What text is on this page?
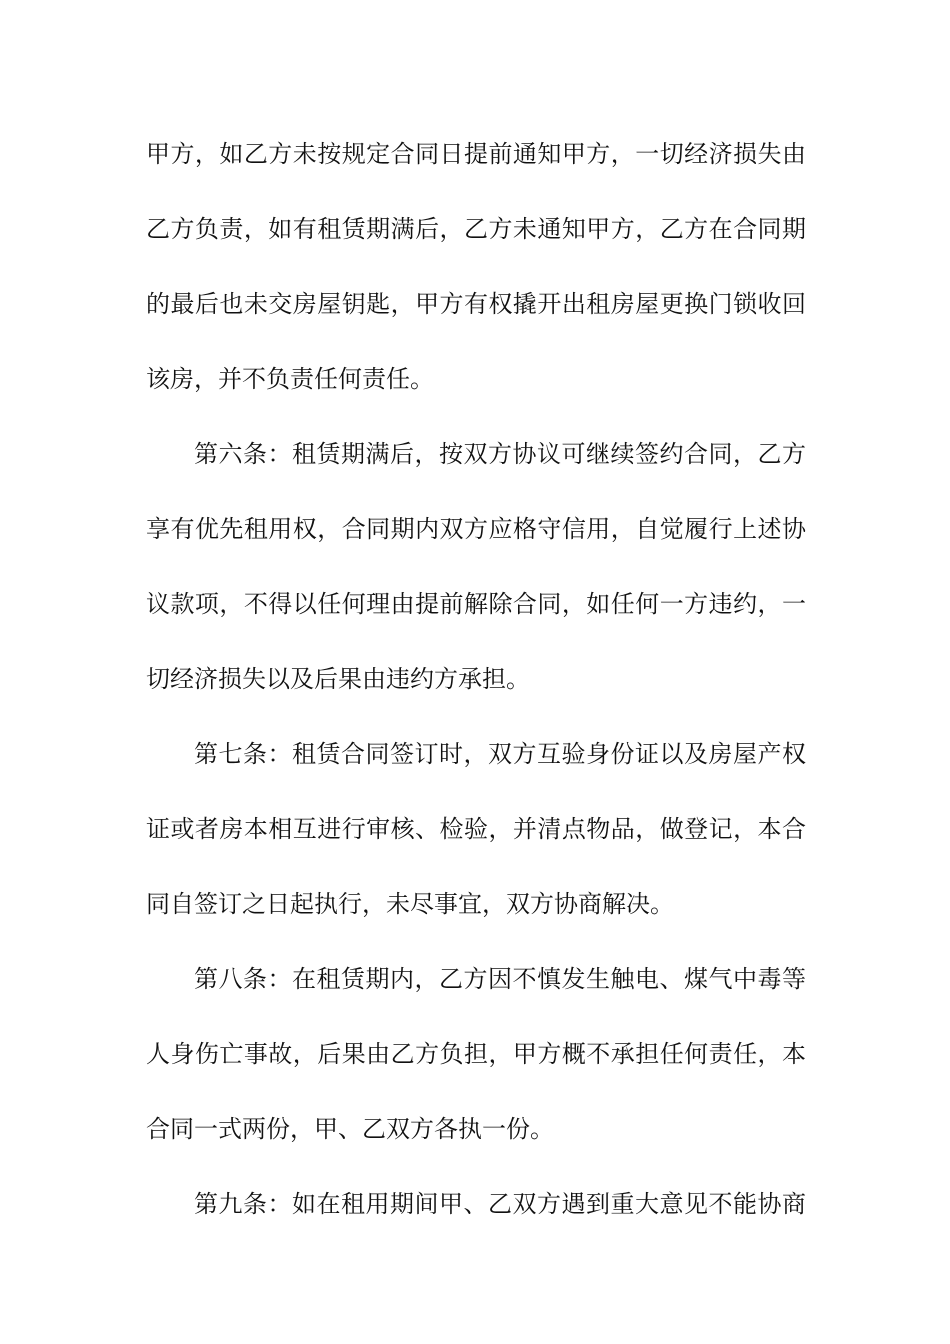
甲方，如乙方未按规定合同日提前通知甲方，一切经济损失由
乙方负责，如有租赁期满后，乙方未通知甲方，乙方在合同期
的最后也未交房屋钥匙，甲方有权撬开出租房屋更换门锁收回
该房，并不负责任何责任。
第六条：租赁期满后，按双方协议可继续签约合同，乙方
享有优先租用权，合同期内双方应格守信用，自觉履行上述协
议款项，不得以任何理由提前解除合同，如任何一方违约，一
切经济损失以及后果由违约方承担。
第七条：租赁合同签订时，双方互验身份证以及房屋产权
证或者房本相互进行审核、检验，并清点物品，做登记，本合
同自签订之日起执行，未尽事宜，双方协商解决。
第八条：在租赁期内，乙方因不慎发生触电、煤气中毒等
人身伤亡事故，后果由乙方负担，甲方概不承担任何责任，本
合同一式两份，甲、乙双方各执一份。
第九条：如在租用期间甲、乙双方遇到重大意见不能协商
